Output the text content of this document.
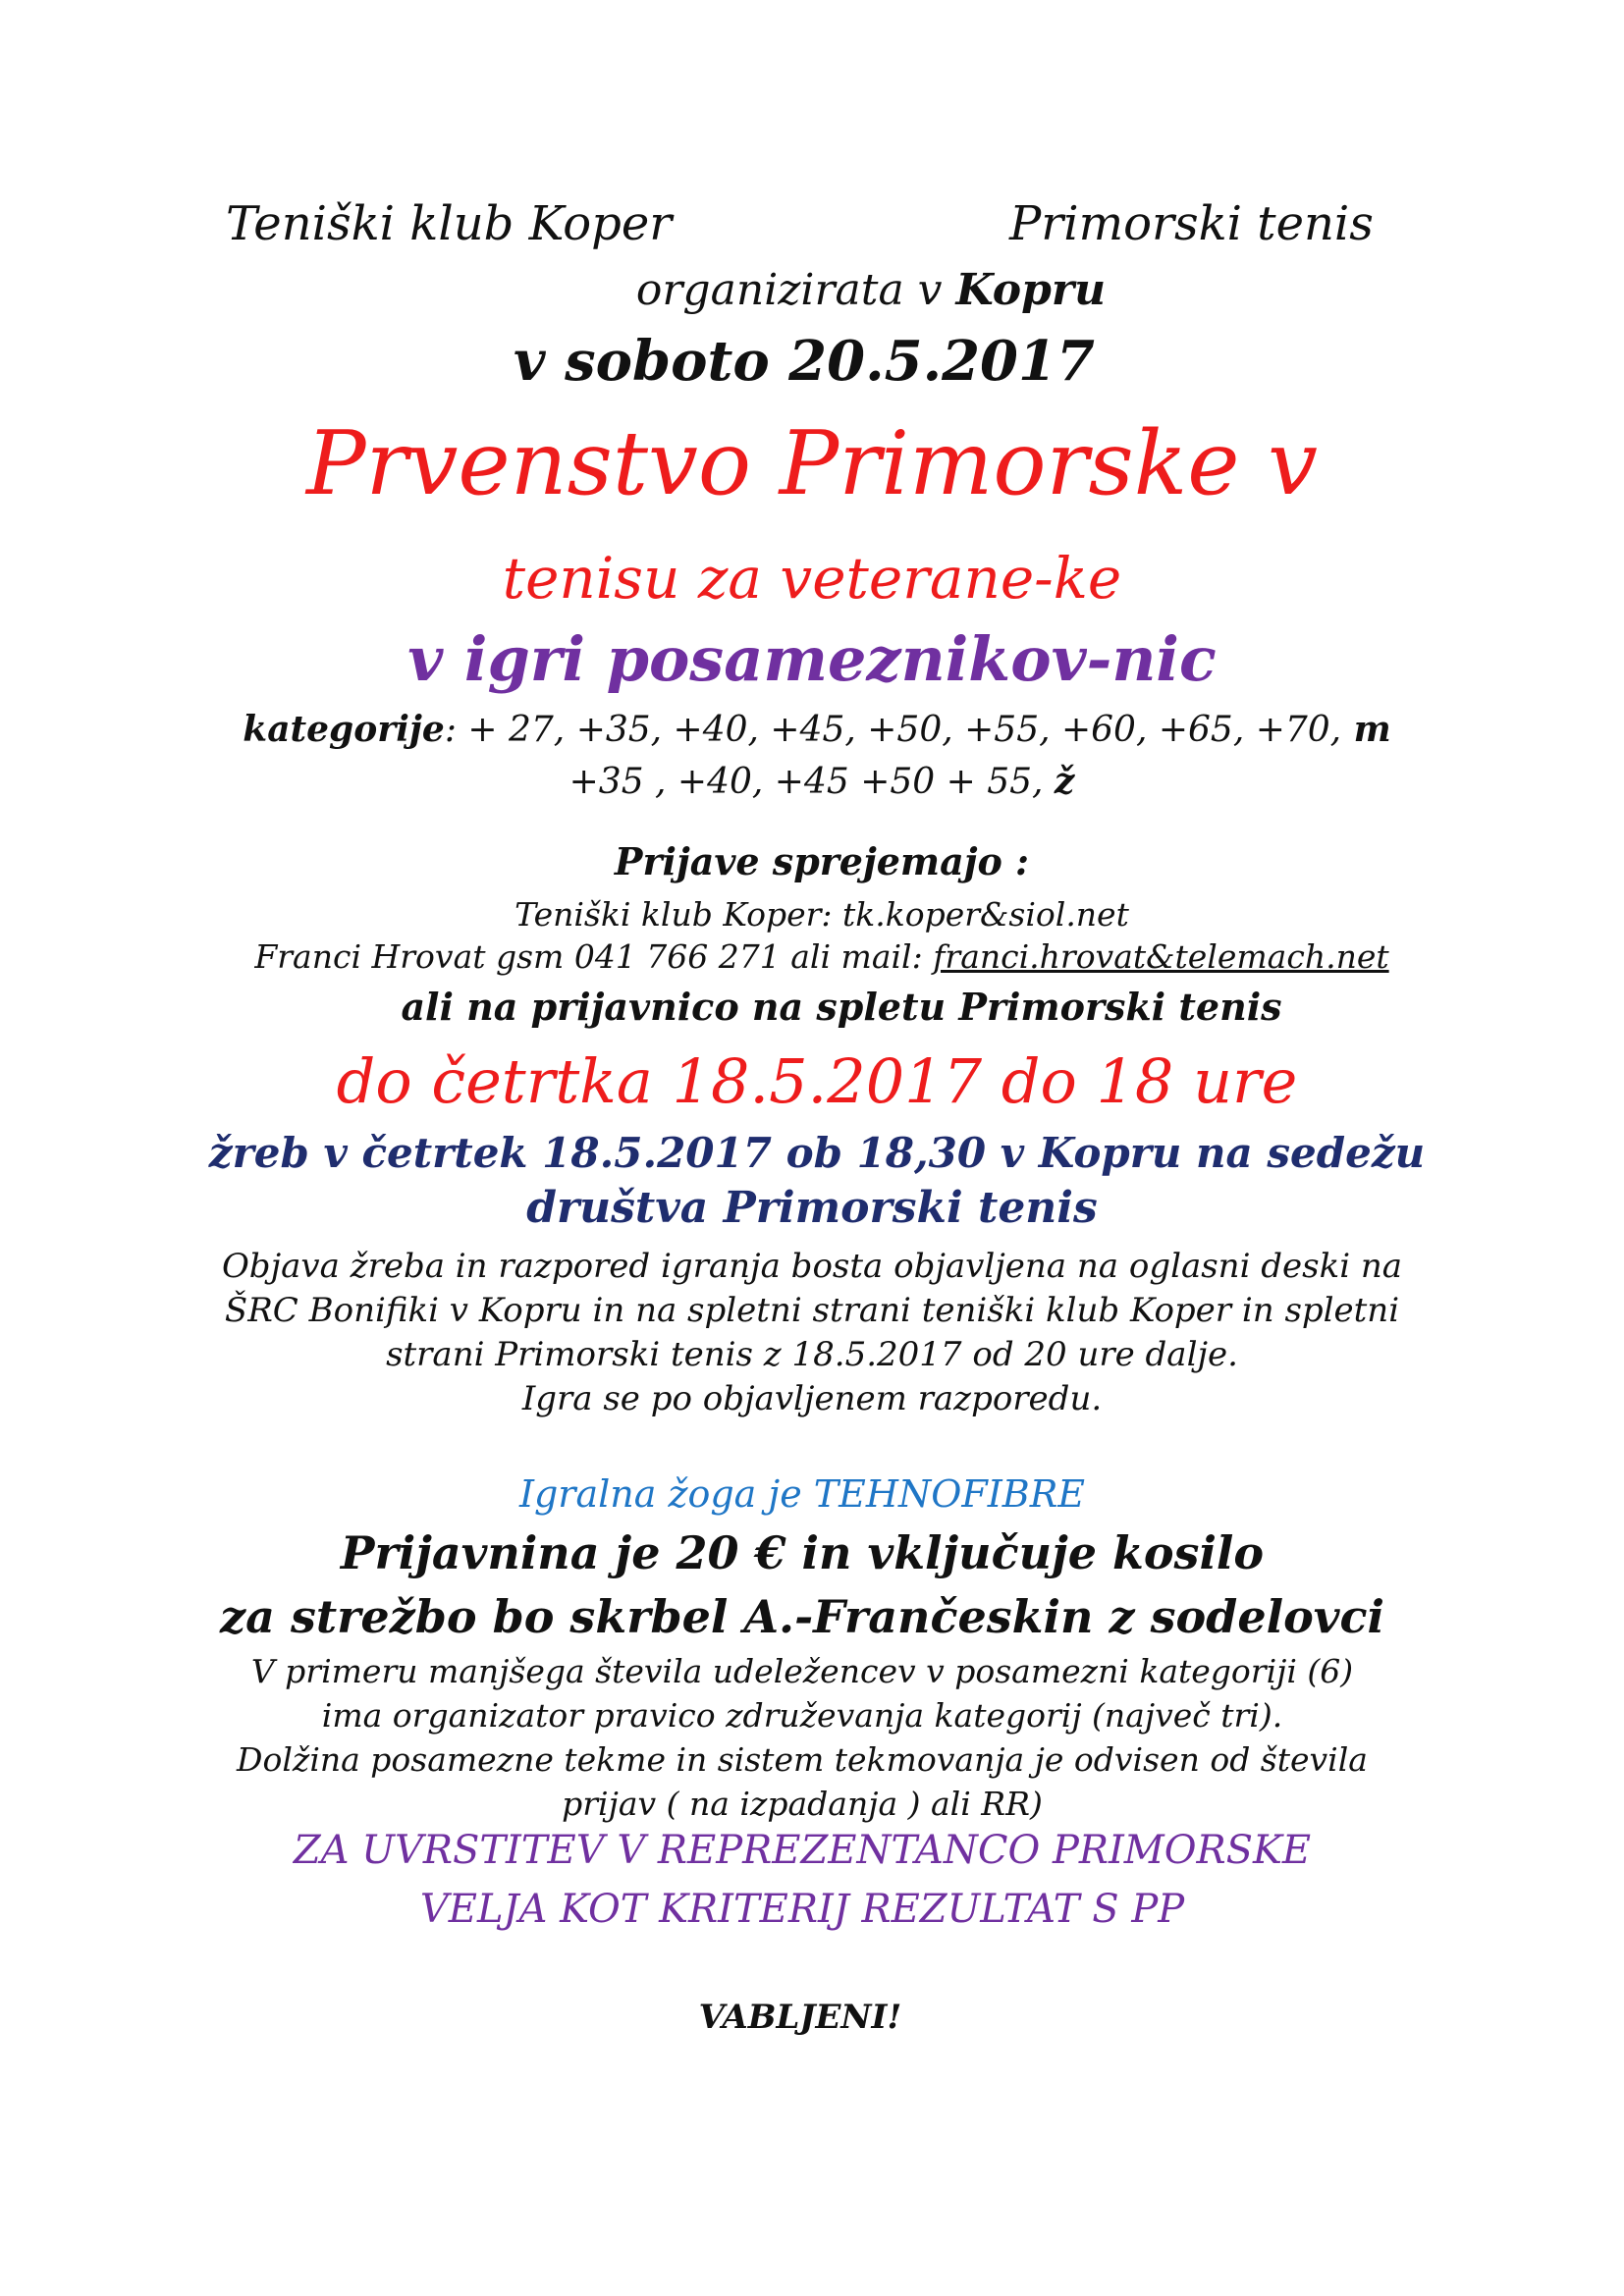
Teniški klub Koper	Primorski tenis
organizirata v Kopru
v soboto 20.5.2017
Prvenstvo Primorske v
tenisu za veterane-ke
v igri posameznikov-nic
kategorije: + 27, +35, +40, +45, +50, +55, +60, +65, +70, m
+35 , +40, +45 +50 + 55, ž
Prijave sprejemajo :
Teniški klub Koper: tk.koper&siol.net
Franci Hrovat gsm 041 766 271 ali mail: franci.hrovat&telemach.net
ali na prijavnico na spletu Primorski tenis
do četrtka 18.5.2017 do 18 ure
žreb v četrtek 18.5.2017 ob 18,30 v Kopru na sedežu
društva Primorski tenis
Objava žreba in razpored igranja bosta objavljena na oglasni deski na
ŠRC Bonifiki v Kopru in na spletni strani teniški klub Koper in spletni
strani Primorski tenis z 18.5.2017 od 20 ure dalje.
Igra se po objavljenem razporedu.
Igralna žoga je TEHNOFIBRE
Prijavnina je 20 € in vključuje kosilo
za strežbo bo skrbel A.-Frančeskin z sodelovci
V primeru manjšega števila udeležencev v posamezni kategoriji (6)
ima organizator pravico združevanja kategorij (največ tri).
Dolžina posamezne tekme in sistem tekmovanja je odvisen od števila
prijav ( na izpadanja ) ali RR)
ZA UVRSTITEV V REPREZENTANCO PRIMORSKE
VELJA KOT KRITERIJ REZULTAT S PP
VABLJENI!
